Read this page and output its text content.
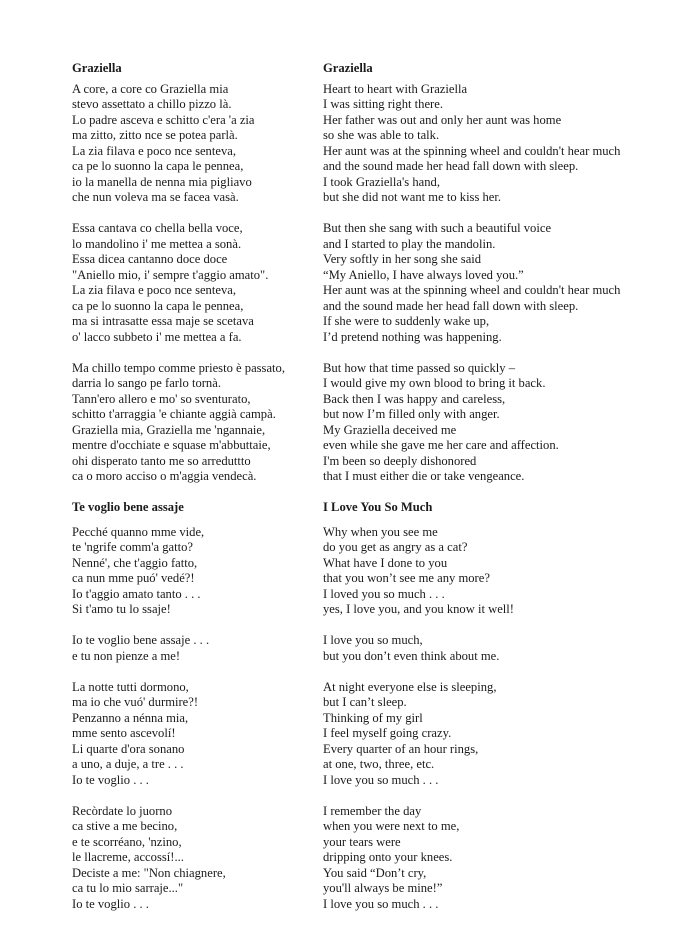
Graziella
A core, a core co Graziella mia
stevo assettato a chillo pizzo là.
Lo padre asceva e schitto c'era 'a zia
ma zitto, zitto nce se potea parlà.
La zia filava e poco nce senteva,
ca pe lo suonno la capa le pennea,
io la manella de nenna mia pigliavo
che nun voleva ma se facea vasà.
Essa cantava co chella bella voce,
lo mandolino i' me mettea a sonà.
Essa dicea cantanno doce doce
"Aniello mio, i' sempre t'aggio amato".
La zia filava e poco nce senteva,
ca pe lo suonno la capa le pennea,
ma si intrasatte essa maje se scetava
o' lacco subbeto i' me mettea a fa.
Ma chillo tempo comme priesto è passato,
darria lo sango pe farlo tornà.
Tann'ero allero e mo' so sventurato,
schitto t'arraggia 'e chiante aggià campà.
Graziella mia, Graziella me 'ngannaie,
mentre d'occhiate e squase m'abbuttaie,
ohi disperato tanto me so arreduttto
ca o moro acciso o m'aggia vendecà.
Te voglio bene assaje
Pecché quanno mme vide,
te 'ngrife comm'a gatto?
Nenné', che t'aggio fatto,
ca nun mme puó' vedé?!
Io t'aggio amato tanto . . .
Si t'amo tu lo ssaje!
Io te voglio bene assaje . . .
e tu non pienze a me!
La notte tutti dormono,
ma io che vuó' durmire?!
Penzanno a nénna mia,
mme sento ascevolí!
Li quarte d'ora sonano
a uno, a duje, a tre . . .
Io te voglio . . .
Recòrdate lo juorno
ca stive a me becino,
e te scorréano, 'nzino,
le llacreme, accossí!...
Deciste a me: "Non chiagnere,
ca tu lo mio sarraje..."
Io te voglio . . .
Graziella
Heart to heart with Graziella
I was sitting right there.
Her father was out and only her aunt was home
so she was able to talk.
Her aunt was at the spinning wheel and couldn't hear much
and the sound made her head fall down with sleep.
I took Graziella's hand,
but she did not want me to kiss her.
But then she sang with such a beautiful voice
and I started to play the mandolin.
Very softly in her song she said
“My Aniello, I have always loved you.”
Her aunt was at the spinning wheel and couldn't hear much
and the sound made her head fall down with sleep.
If she were to suddenly wake up,
I’d pretend nothing was happening.
But how that time passed so quickly –
I would give my own blood to bring it back.
Back then I was happy and careless,
but now I’m filled only with anger.
My Graziella deceived me
even while she gave me her care and affection.
I'm been so deeply dishonored
that I must either die or take vengeance.
I Love You So Much
Why when you see me
do you get as angry as a cat?
What have I done to you
that you won’t see me any more?
I loved you so much . . .
yes, I love you, and you know it well!
I love you so much,
but you don’t even think about me.
At night everyone else is sleeping,
but I can’t sleep.
Thinking of my girl
I feel myself going crazy.
Every quarter of an hour rings,
at one, two, three, etc.
I love you so much . . .
I remember the day
when you were next to me,
your tears were
dripping onto your knees.
You said “Don’t cry,
you'll always be mine!”
I love you so much . . .
